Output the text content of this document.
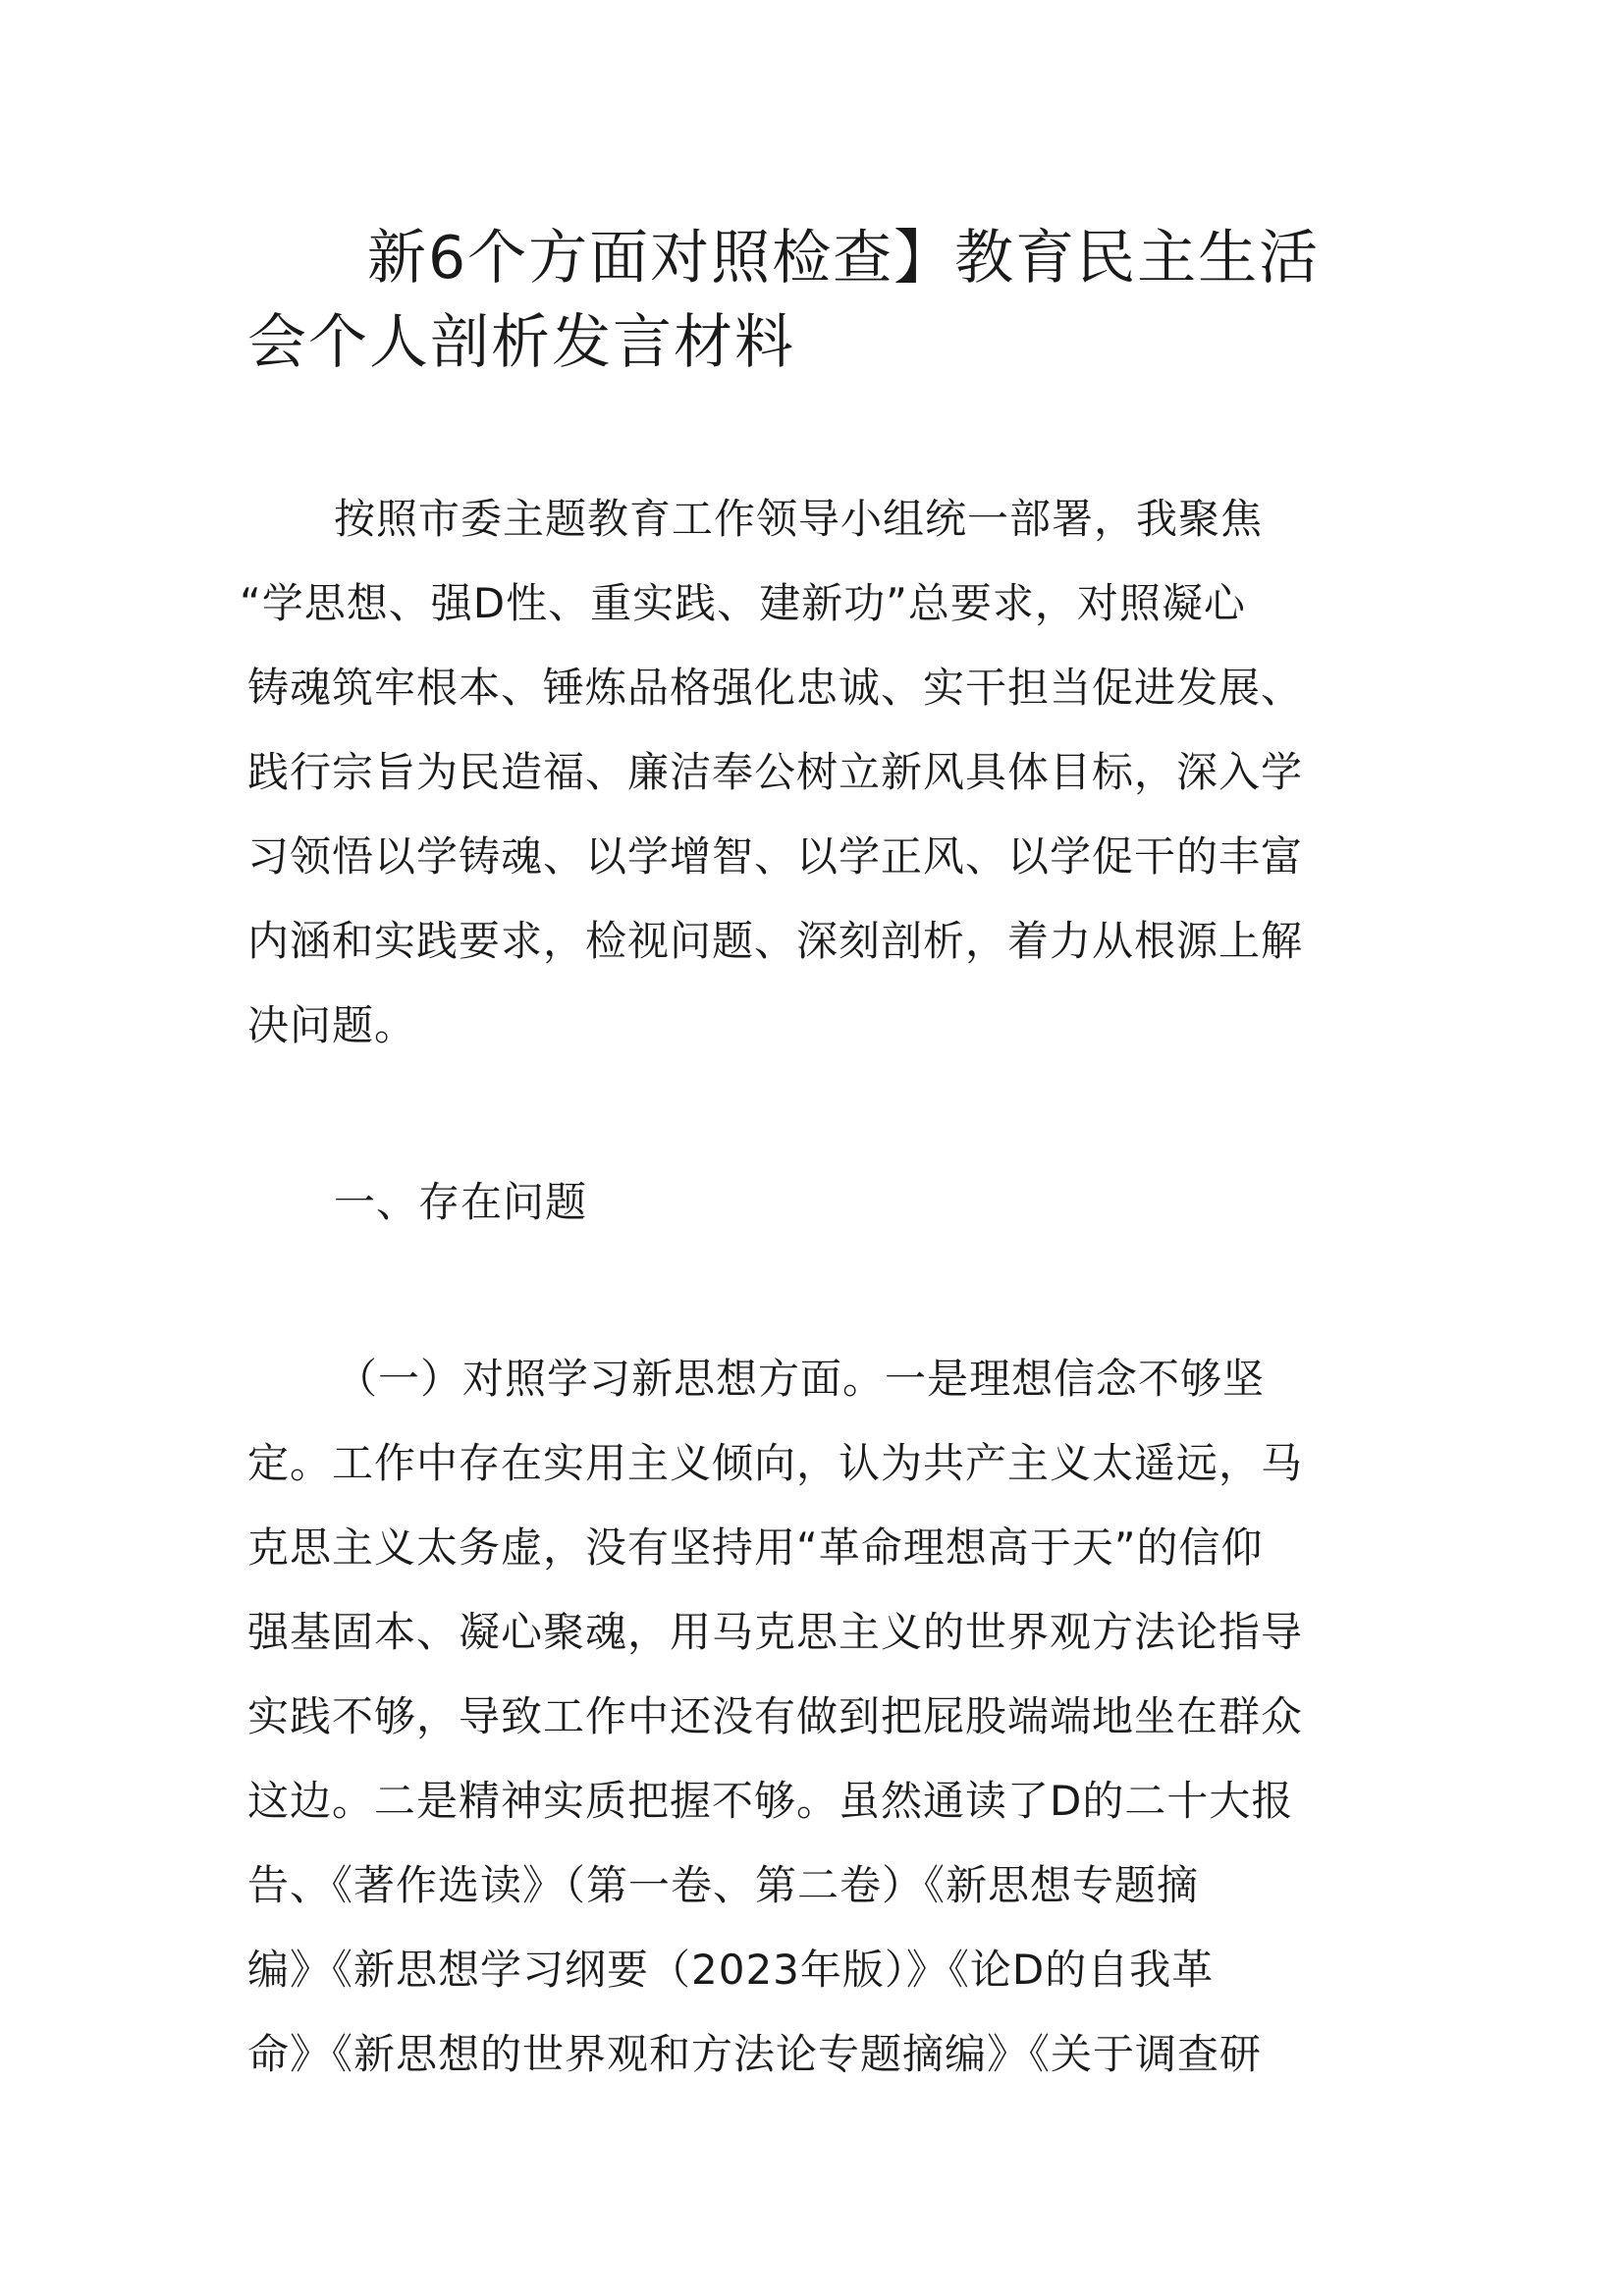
新6个方面对照检查】教育民主生活
会个人剖析发言材料
按照市委主题教育工作领导小组统一部署，我聚焦
“学思想、强D性、重实践、建新功”总要求，对照凝心
铸魂筑牢根本、锤炼品格强化忠诚、实干担当促进发展、
践行宗旨为民造福、廉洁奉公树立新风具体目标，深入学
习领悟以学铸魂、以学增智、以学正风、以学促干的丰富
内涵和实践要求，检视问题、深刻剖析，着力从根源上解
决问题。
一、存在问题
（一）对照学习新思想方面。一是理想信念不够坚
定。工作中存在实用主义倾向，认为共产主义太遥远，马
克思主义太务虚，没有坚持用“革命理想高于天”的信仰
强基固本、凝心聚魂，用马克思主义的世界观方法论指导
实践不够，导致工作中还没有做到把屁股端端地坐在群众
这边。二是精神实质把握不够。虽然通读了D的二十大报
告、《著作选读》（第一卷、第二卷）《新思想专题摘
编》《新思想学习纲要（2023年版）》《论D的自我革
命》《新思想的世界观和方法论专题摘编》《关于调查研
